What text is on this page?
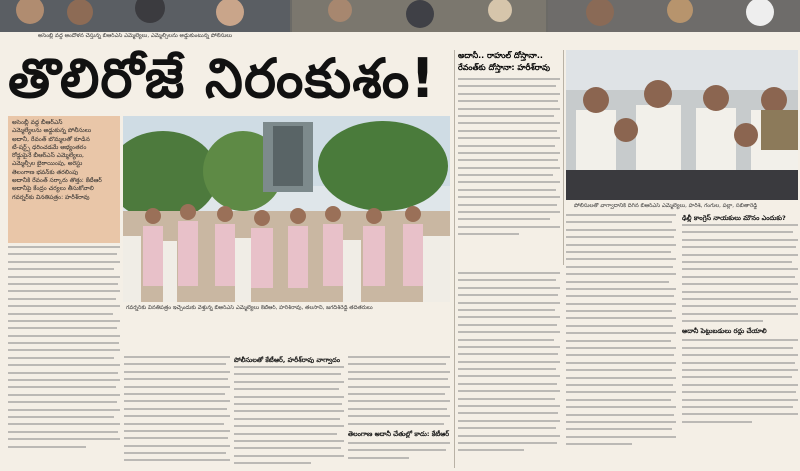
అసెంబ్లీ వద్ద ఆందోళన చేస్తున్న బీఆర్ఎస్ ఎమ్మెల్యేలు, ఎమ్మెల్సీలను అడ్డుకుంటున్న పోలీసులు
తొలిరోజే నిరంకుశం!
అసెంబ్లీ వద్ద బీఆర్ఎస్
ఎమ్మెల్యేలను అడ్డుకున్న పోలీసులు
అదానీ, రేవంత్ బొమ్మలతో కూడిన
టీ-షర్ట్స్ ధరించడమే అభ్యంతరం
రోడ్డుపైనే బీఆర్ఎస్ ఎమ్మెల్యేలు,
ఎమ్మెల్సీల బైఠాయింపు, అరెస్టు
తెలంగాణ భవన్‌కు తరలింపు
అదానీకి రేవంత్ సర్కారు తొత్తు: కేటీఆర్
అదానీపై కేంద్రం చర్యలు తీసుకోవాలి
గవర్నర్‌కు వినతిపత్రం: హరీశ్‌రావు
గవర్నర్‌కు వినతిపత్రం ఇచ్చేందుకు వెళ్తున్న బీఆర్ఎస్ ఎమ్మెల్యేలు కేటీఆర్, హరీశ్‌రావు, తలసాని, జగదీశ్‌రెడ్డి తదితరులు
అదానీ.. రాహుల్ దోస్తానా..
రేవంత్‌కు దోస్తానా: హరీశ్‌రావు
పోలీసులతో వాగ్వాదానికి దిగిన బీఆర్ఎస్ ఎమ్మెల్యేలు, హరీశ్, గంగుల, పల్లా, సబితారెడ్డి
పోలీసులతో కేటీఆర్, హరీశ్‌రావు వాగ్వాదం
తెలంగాణ అదానీ చేతుల్లో కాదు: కేటీఆర్
ఢిల్లీ కాంగ్రెస్ నాయకులు మౌనం ఎందుకు?
అదానీ పెట్టుబడులు రద్దు చేయాలి
